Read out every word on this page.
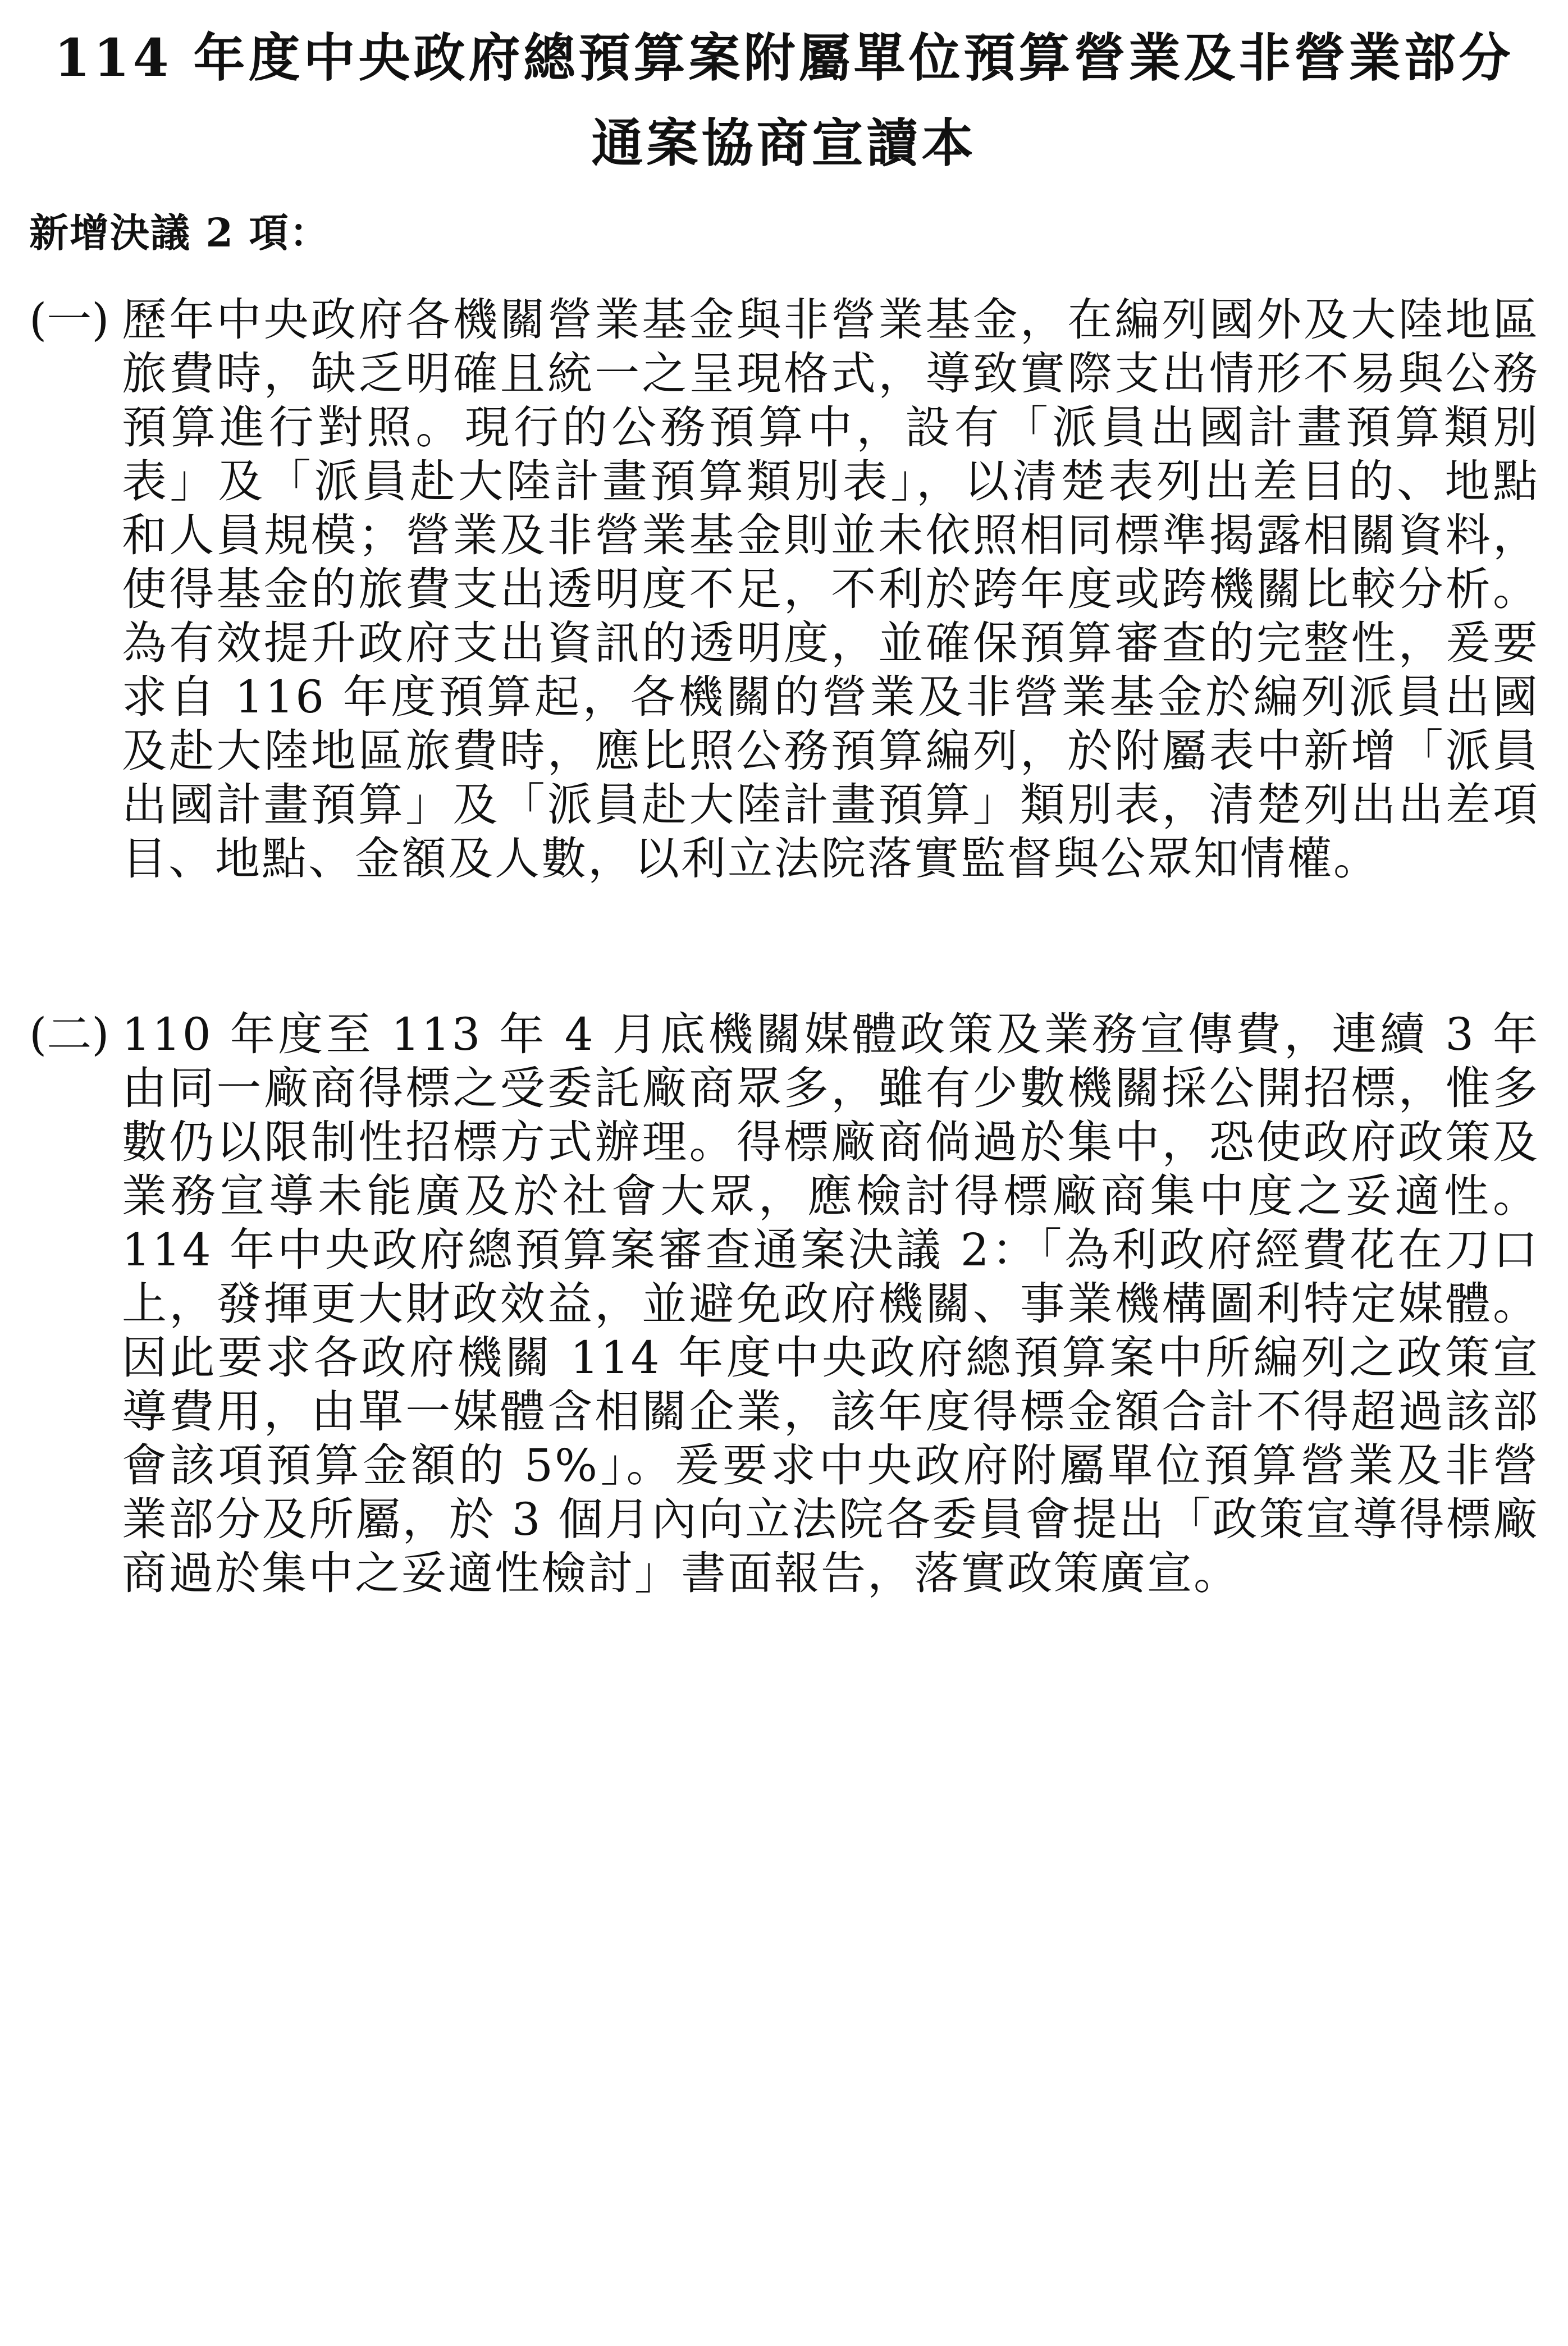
114 年度中央政府總預算案附屬單位預算營業及非營業部分
通案協商宣讀本
新增決議 2 項：
(一) 歷年中央政府各機關營業基金與非營業基金，在編列國外及大陸地區旅費時，缺乏明確且統一之呈現格式，導致實際支出情形不易與公務預算進行對照。現行的公務預算中，設有「派員出國計畫預算類別表」及「派員赴大陸計畫預算類別表」，以清楚表列出差目的、地點和人員規模；營業及非營業基金則並未依照相同標準揭露相關資料，使得基金的旅費支出透明度不足，不利於跨年度或跨機關比較分析。為有效提升政府支出資訊的透明度，並確保預算審查的完整性，爰要求自 116 年度預算起，各機關的營業及非營業基金於編列派員出國及赴大陸地區旅費時，應比照公務預算編列，於附屬表中新增「派員出國計畫預算」及「派員赴大陸計畫預算」類別表，清楚列出出差項目、地點、金額及人數，以利立法院落實監督與公眾知情權。
(二) 110 年度至 113 年 4 月底機關媒體政策及業務宣傳費，連續 3 年由同一廠商得標之受委託廠商眾多，雖有少數機關採公開招標，惟多數仍以限制性招標方式辦理。得標廠商倘過於集中，恐使政府政策及業務宣導未能廣及於社會大眾，應檢討得標廠商集中度之妥適性。114 年中央政府總預算案審查通案決議 2：「為利政府經費花在刀口上，發揮更大財政效益，並避免政府機關、事業機構圖利特定媒體。因此要求各政府機關 114 年度中央政府總預算案中所編列之政策宣導費用，由單一媒體含相關企業，該年度得標金額合計不得超過該部會該項預算金額的 5%」。爰要求中央政府附屬單位預算營業及非營業部分及所屬，於 3 個月內向立法院各委員會提出「政策宣導得標廠商過於集中之妥適性檢討」書面報告，落實政策廣宣。
